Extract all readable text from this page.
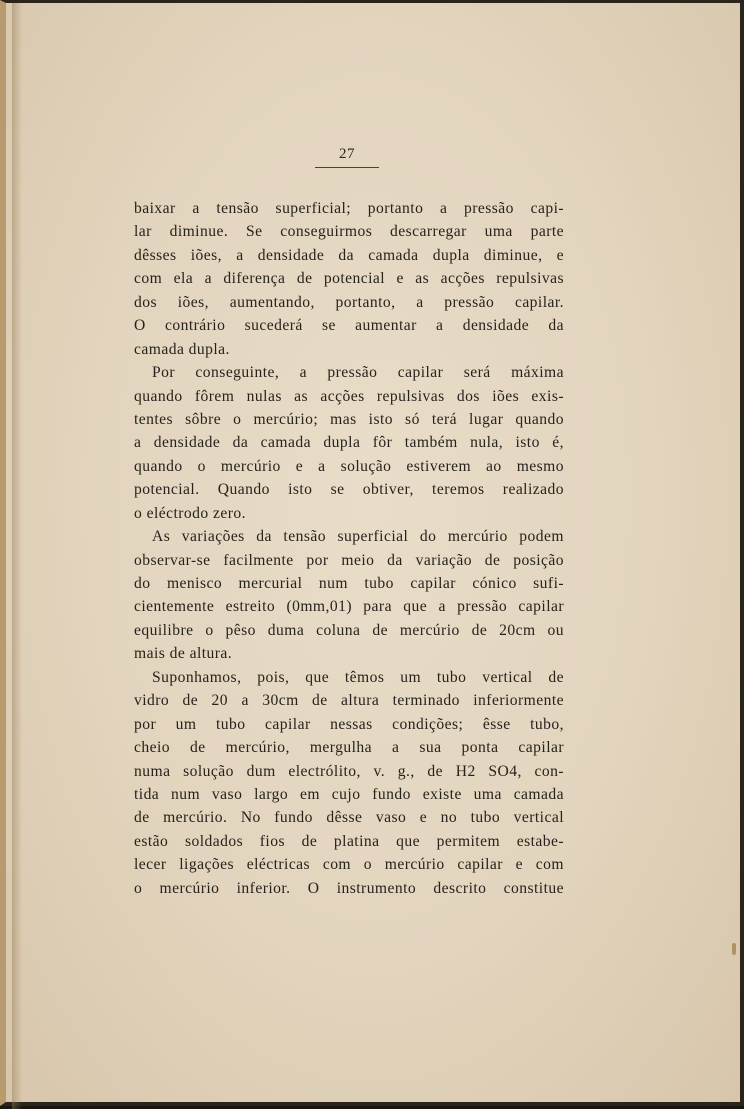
27
baixar a tensão superficial; portanto a pressão capi-
lar diminue. Se conseguirmos descarregar uma parte
dêsses iões, a densidade da camada dupla diminue, e
com ela a diferença de potencial e as acções repulsivas
dos iões, aumentando, portanto, a pressão capilar.
O contrário sucederá se aumentar a densidade da
camada dupla.
Por conseguinte, a pressão capilar será máxima
quando fôrem nulas as acções repulsivas dos iões exis-
tentes sôbre o mercúrio; mas isto só terá lugar quando
a densidade da camada dupla fôr também nula, isto é,
quando o mercúrio e a solução estiverem ao mesmo
potencial. Quando isto se obtiver, teremos realizado
o eléctrodo zero.
As variações da tensão superficial do mercúrio podem
observar-se facilmente por meio da variação de posição
do menisco mercurial num tubo capilar cónico sufi-
cientemente estreito (0mm,01) para que a pressão capilar
equilibre o pêso duma coluna de mercúrio de 20cm ou
mais de altura.
Suponhamos, pois, que têmos um tubo vertical de
vidro de 20 a 30cm de altura terminado inferiormente
por um tubo capilar nessas condições; êsse tubo,
cheio de mercúrio, mergulha a sua ponta capilar
numa solução dum electrólito, v. g., de H2 SO4, con-
tida num vaso largo em cujo fundo existe uma camada
de mercúrio. No fundo dêsse vaso e no tubo vertical
estão soldados fios de platina que permitem estabe-
lecer ligações eléctricas com o mercúrio capilar e com
o mercúrio inferior. O instrumento descrito constitue
